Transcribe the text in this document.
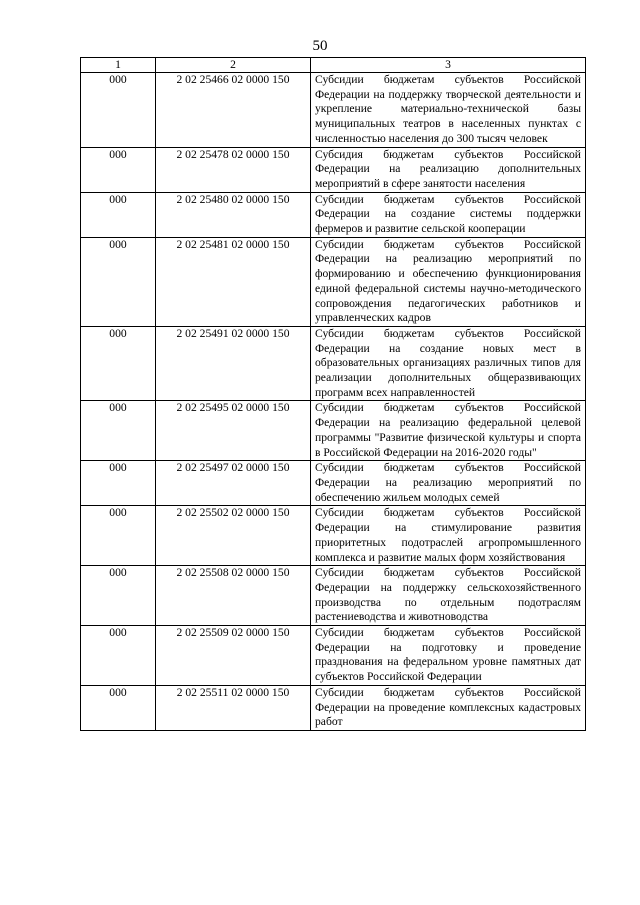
50
1	2	3
000	2 02 25466 02 0000 150	Субсидии бюджетам субъектов Российской Федерации на поддержку творческой деятельности и укрепление материально-технической базы муниципальных театров в населенных пунктах с численностью населения до 300 тысяч человек
000	2 02 25478 02 0000 150	Субсидия бюджетам субъектов Российской Федерации на реализацию дополнительных мероприятий в сфере занятости населения
000	2 02 25480 02 0000 150	Субсидии бюджетам субъектов Российской Федерации на создание системы поддержки фермеров и развитие сельской кооперации
000	2 02 25481 02 0000 150	Субсидии бюджетам субъектов Российской Федерации на реализацию мероприятий по формированию и обеспечению функционирования единой федеральной системы научно-методического сопровождения педагогических работников и управленческих кадров
000	2 02 25491 02 0000 150	Субсидии бюджетам субъектов Российской Федерации на создание новых мест в образовательных организациях различных типов для реализации дополнительных общеразвивающих программ всех направленностей
000	2 02 25495 02 0000 150	Субсидии бюджетам субъектов Российской Федерации на реализацию федеральной целевой программы "Развитие физической культуры и спорта в Российской Федерации на 2016-2020 годы"
000	2 02 25497 02 0000 150	Субсидии бюджетам субъектов Российской Федерации на реализацию мероприятий по обеспечению жильем молодых семей
000	2 02 25502 02 0000 150	Субсидии бюджетам субъектов Российской Федерации на стимулирование развития приоритетных подотраслей агропромышленного комплекса и развитие малых форм хозяйствования
000	2 02 25508 02 0000 150	Субсидии бюджетам субъектов Российской Федерации на поддержку сельскохозяйственного производства по отдельным подотраслям растениеводства и животноводства
000	2 02 25509 02 0000 150	Субсидии бюджетам субъектов Российской Федерации на подготовку и проведение празднования на федеральном уровне памятных дат субъектов Российской Федерации
000	2 02 25511 02 0000 150	Субсидии бюджетам субъектов Российской Федерации на проведение комплексных кадастровых работ
